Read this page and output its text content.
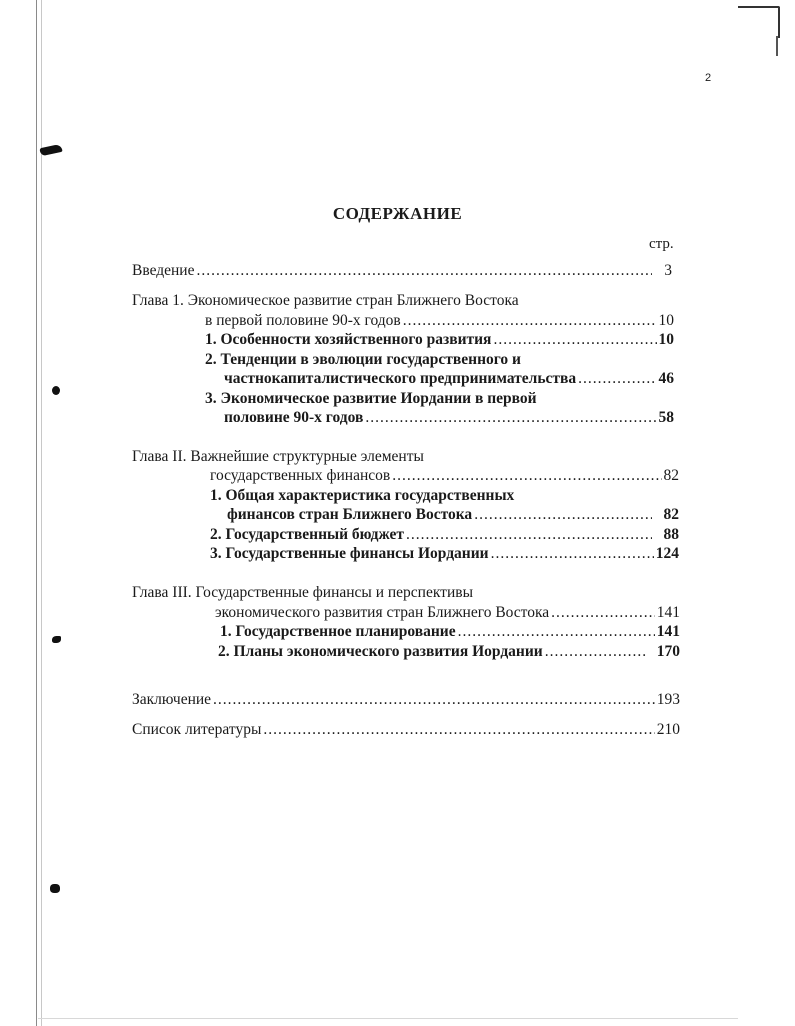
2
СОДЕРЖАНИЕ
стр.
Введение .....	3
Глава 1. Экономическое развитие стран Ближнего Востока
в первой половине 90-х годов .....	10
1. Особенности хозяйственного развития .....	10
2. Тенденции в эволюции государственного и
частнокапиталистического предпринимательства .....	46
3. Экономическое развитие Иордании в первой
половине 90-х годов .....	58
Глава II. Важнейшие структурные элементы
государственных финансов .....	82
1. Общая характеристика государственных
финансов стран Ближнего Востока .....	82
2. Государственный бюджет .....	88
3. Государственные финансы Иордании .....	124
Глава III. Государственные финансы и перспективы
экономического развития стран Ближнего Востока .....	141
1. Государственное планирование .....	141
2. Планы экономического развития Иордании .....	170
Заключение .....	193
Список литературы .....	210
